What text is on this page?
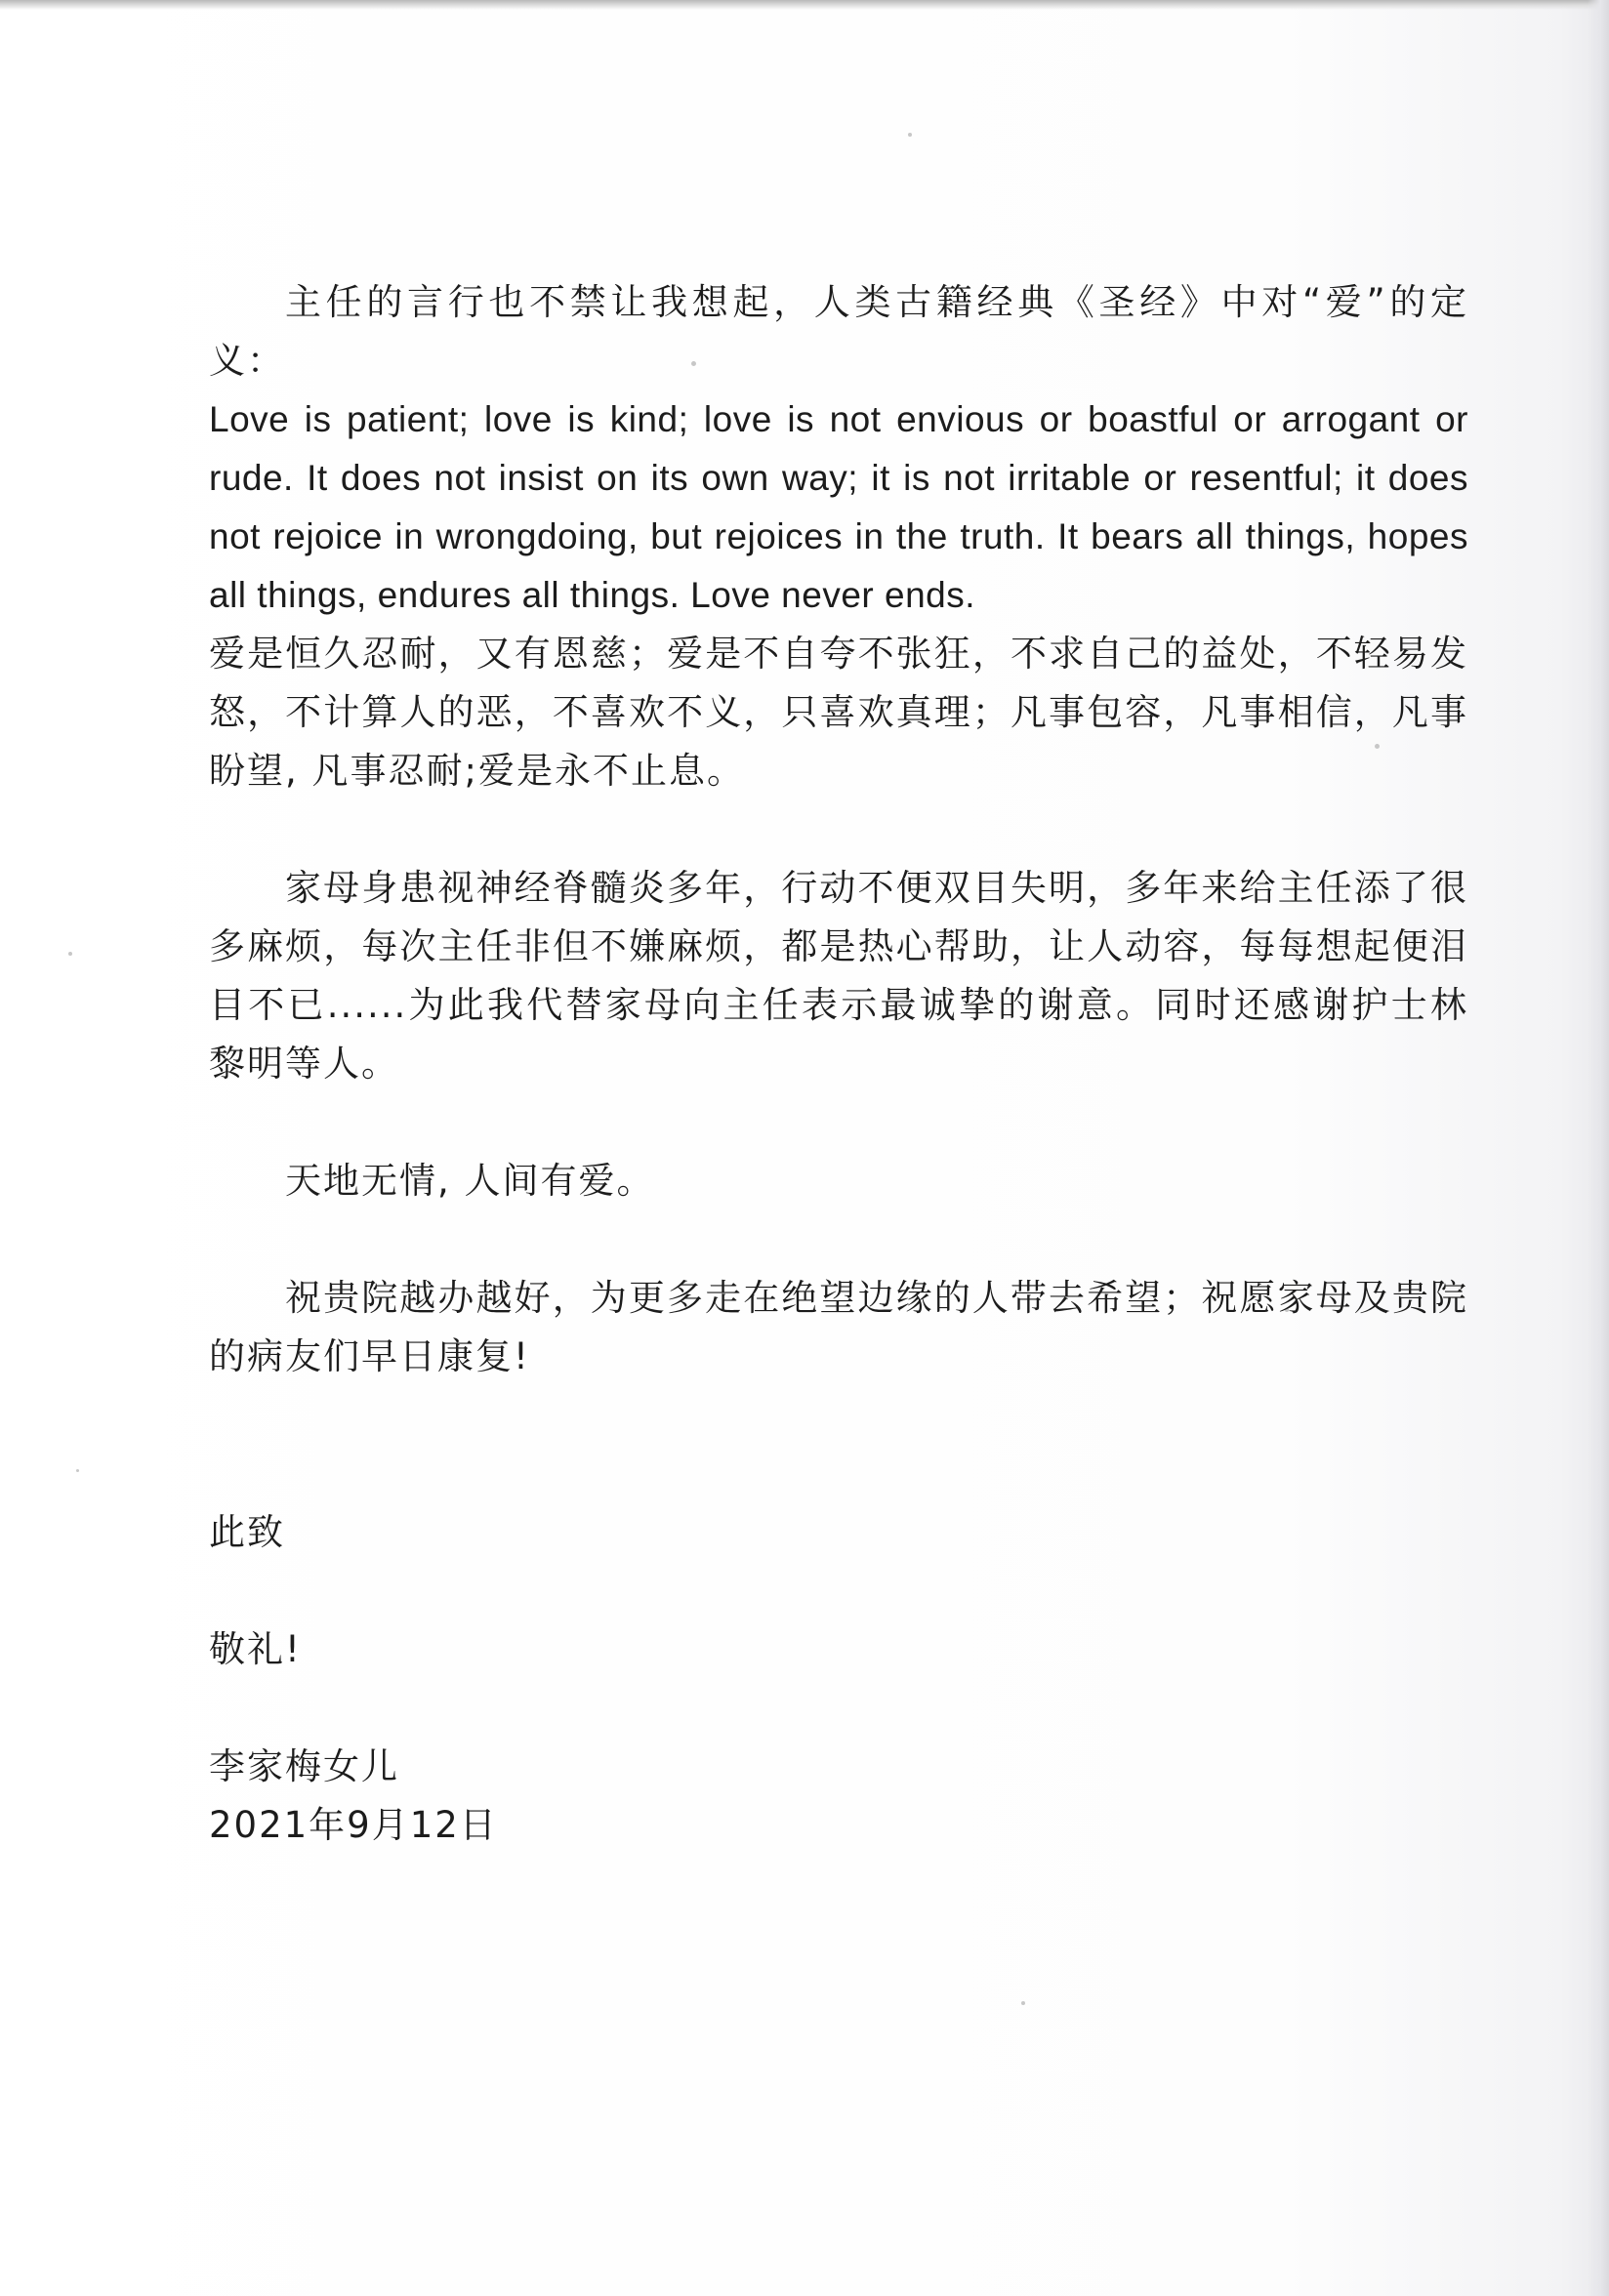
主任的言行也不禁让我想起，人类古籍经典《圣经》中对“爱”的定义：

Love is patient; love is kind; love is not envious or boastful or arrogant or rude. It does not insist on its own way; it is not irritable or resentful; it does not rejoice in wrongdoing, but rejoices in the truth. It bears all things, hopes all things, endures all things. Love never ends.

爱是恒久忍耐，又有恩慈；爱是不自夸不张狂，不求自己的益处，不轻易发怒，不计算人的恶，不喜欢不义，只喜欢真理；凡事包容，凡事相信，凡事盼望, 凡事忍耐;爱是永不止息。

家母身患视神经脊髓炎多年，行动不便双目失明，多年来给主任添了很多麻烦，每次主任非但不嫌麻烦，都是热心帮助，让人动容，每每想起便泪目不已......为此我代替家母向主任表示最诚挚的谢意。同时还感谢护士林黎明等人。

天地无情, 人间有爱。

祝贵院越办越好，为更多走在绝望边缘的人带去希望；祝愿家母及贵院的病友们早日康复!

此致

敬礼!

李家梅女儿

2021年9月12日
